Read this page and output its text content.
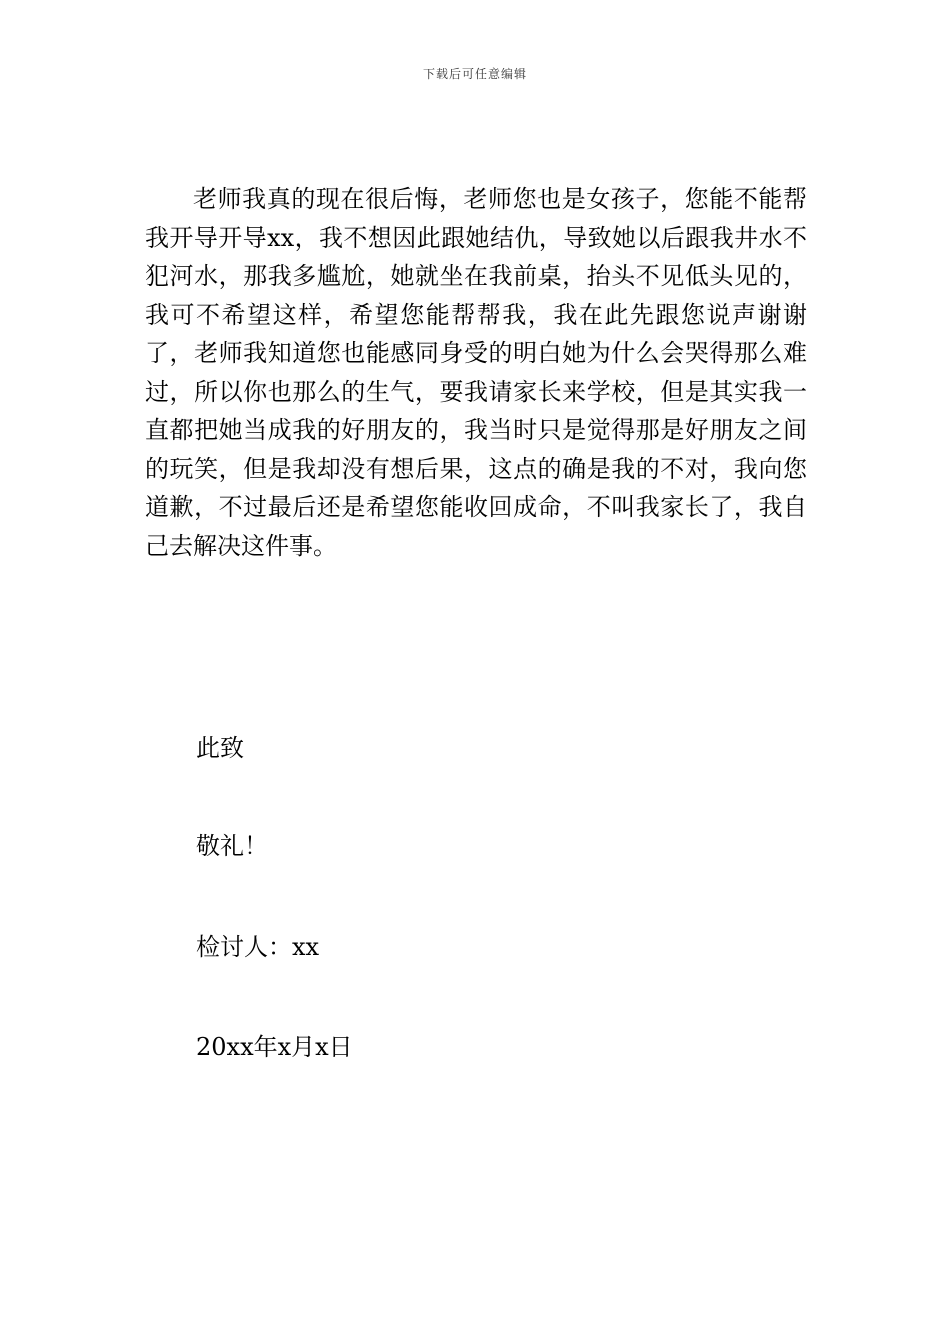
下载后可任意编辑

老师我真的现在很后悔，老师您也是女孩子，您能不能帮我开导开导xx，我不想因此跟她结仇，导致她以后跟我井水不犯河水，那我多尴尬，她就坐在我前桌，抬头不见低头见的，我可不希望这样，希望您能帮帮我，我在此先跟您说声谢谢了，老师我知道您也能感同身受的明白她为什么会哭得那么难过，所以你也那么的生气，要我请家长来学校，但是其实我一直都把她当成我的好朋友的，我当时只是觉得那是好朋友之间的玩笑，但是我却没有想后果，这点的确是我的不对，我向您道歉，不过最后还是希望您能收回成命，不叫我家长了，我自己去解决这件事。

此致

敬礼！

检讨人：xx

20xx年x月x日
